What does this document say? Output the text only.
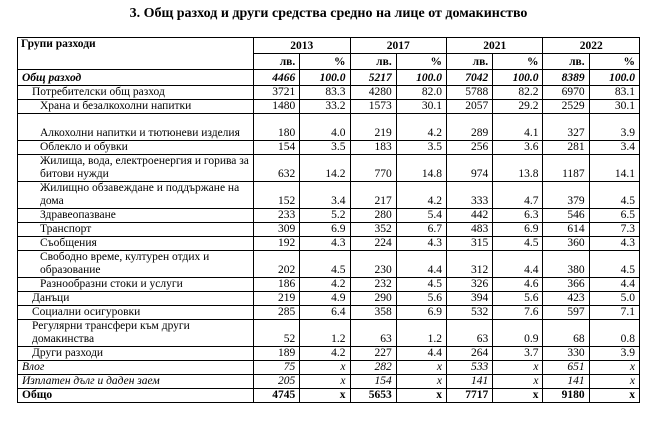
3. Общ разход и други средства средно на лице от домакинство
Групи разходи	2013		2017		2021		2022	
	лв.	%	лв.	%	лв.	%	лв.	%
Общ разход	4466	100.0	5217	100.0	7042	100.0	8389	100.0
Потребителски общ разход	3721	83.3	4280	82.0	5788	82.2	6970	83.1
Храна и безалкохолни напитки	1480	33.2	1573	30.1	2057	29.2	2529	30.1
Алкохолни напитки и тютюневи изделия	180	4.0	219	4.2	289	4.1	327	3.9
Облекло и обувки	154	3.5	183	3.5	256	3.6	281	3.4
Жилища, вода, електроенергия и горива за битови нужди	632	14.2	770	14.8	974	13.8	1187	14.1
Жилищно обзавеждане и поддържане на дома	152	3.4	217	4.2	333	4.7	379	4.5
Здравеопазване	233	5.2	280	5.4	442	6.3	546	6.5
Транспорт	309	6.9	352	6.7	483	6.9	614	7.3
Съобщения	192	4.3	224	4.3	315	4.5	360	4.3
Свободно време, културен отдих и образование	202	4.5	230	4.4	312	4.4	380	4.5
Разнообразни стоки и услуги	186	4.2	232	4.5	326	4.6	366	4.4
Данъци	219	4.9	290	5.6	394	5.6	423	5.0
Социални осигуровки	285	6.4	358	6.9	532	7.6	597	7.1
Регулярни трансфери към други домакинства	52	1.2	63	1.2	63	0.9	68	0.8
Други разходи	189	4.2	227	4.4	264	3.7	330	3.9
Влог	75	x	282	x	533	x	651	x
Изплатен дълг и даден заем	205	x	154	x	141	x	141	x
Общо	4745	x	5653	x	7717	x	9180	x
